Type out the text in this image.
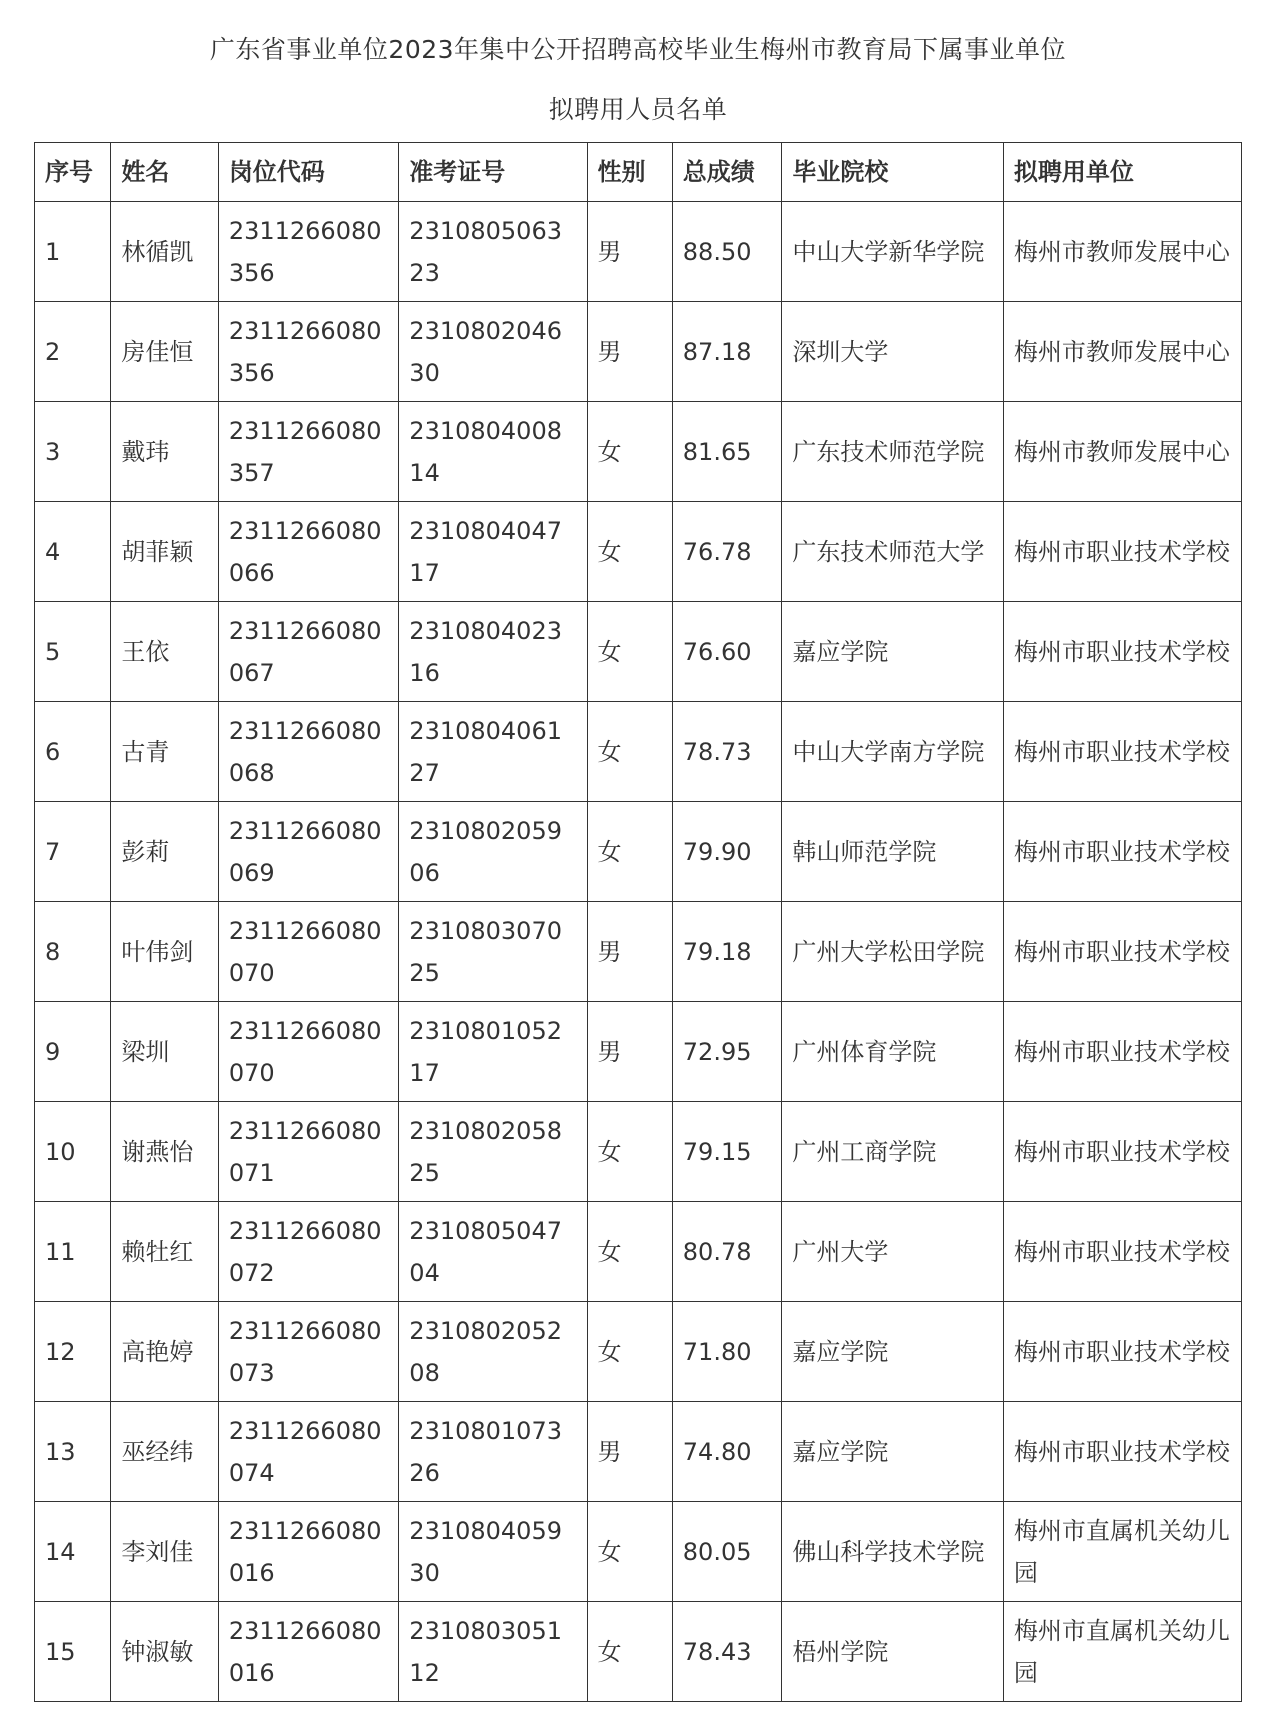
广东省事业单位2023年集中公开招聘高校毕业生梅州市教育局下属事业单位
拟聘用人员名单
序号	姓名	岗位代码	准考证号	性别	总成绩	毕业院校	拟聘用单位
1	林循凯	2311266080356	231080506323	男	88.50	中山大学新华学院	梅州市教师发展中心
2	房佳恒	2311266080356	231080204630	男	87.18	深圳大学	梅州市教师发展中心
3	戴玮	2311266080357	231080400814	女	81.65	广东技术师范学院	梅州市教师发展中心
4	胡菲颖	2311266080066	231080404717	女	76.78	广东技术师范大学	梅州市职业技术学校
5	王依	2311266080067	231080402316	女	76.60	嘉应学院	梅州市职业技术学校
6	古青	2311266080068	231080406127	女	78.73	中山大学南方学院	梅州市职业技术学校
7	彭莉	2311266080069	231080205906	女	79.90	韩山师范学院	梅州市职业技术学校
8	叶伟剑	2311266080070	231080307025	男	79.18	广州大学松田学院	梅州市职业技术学校
9	梁圳	2311266080070	231080105217	男	72.95	广州体育学院	梅州市职业技术学校
10	谢燕怡	2311266080071	231080205825	女	79.15	广州工商学院	梅州市职业技术学校
11	赖牡红	2311266080072	231080504704	女	80.78	广州大学	梅州市职业技术学校
12	高艳婷	2311266080073	231080205208	女	71.80	嘉应学院	梅州市职业技术学校
13	巫经纬	2311266080074	231080107326	男	74.80	嘉应学院	梅州市职业技术学校
14	李刘佳	2311266080016	231080405930	女	80.05	佛山科学技术学院	梅州市直属机关幼儿园
15	钟淑敏	2311266080016	231080305112	女	78.43	梧州学院	梅州市直属机关幼儿园
